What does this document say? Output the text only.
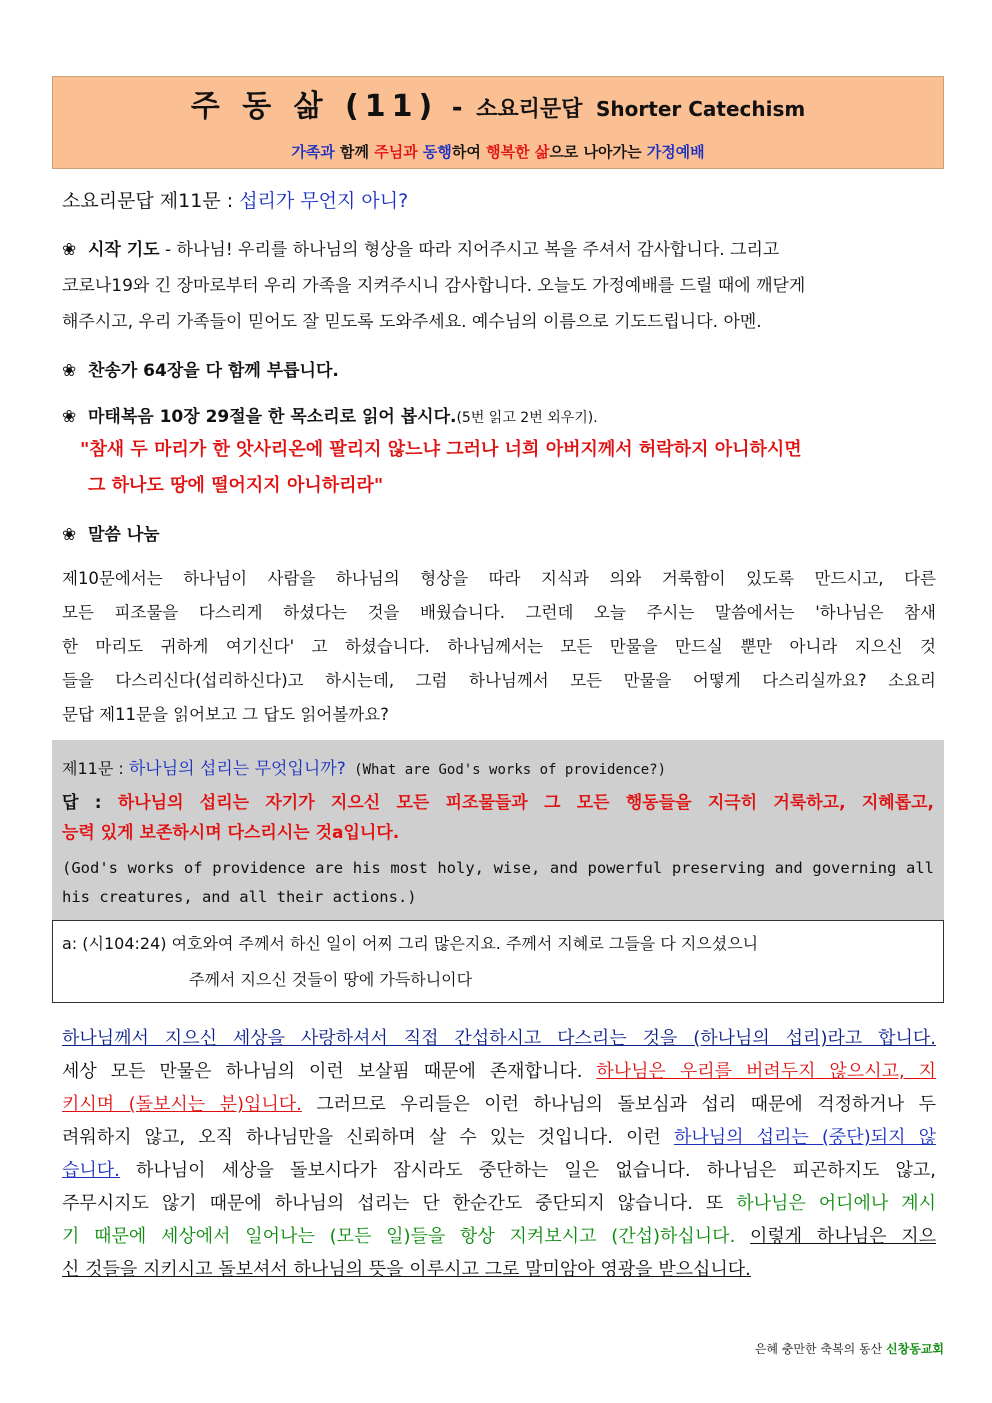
주 동 삶 (11) - 소요리문답 Shorter Catechism
가족과 함께 주님과 동행하여 행복한 삶으로 나아가는 가정예배
소요리문답 제11문 : 섭리가 무언지 아니?
❀ 시작 기도 - 하나님! 우리를 하나님의 형상을 따라 지어주시고 복을 주셔서 감사합니다. 그리고
코로나19와 긴 장마로부터 우리 가족을 지켜주시니 감사합니다. 오늘도 가정예배를 드릴 때에 깨닫게
해주시고, 우리 가족들이 믿어도 잘 믿도록 도와주세요. 예수님의 이름으로 기도드립니다. 아멘.
❀ 찬송가 64장을 다 함께 부릅니다.
❀ 마태복음 10장 29절을 한 목소리로 읽어 봅시다.(5번 읽고 2번 외우기).
"참새 두 마리가 한 앗사리온에 팔리지 않느냐 그러나 너희 아버지께서 허락하지 아니하시면
그 하나도 땅에 떨어지지 아니하리라"
❀ 말씀 나눔
제10문에서는 하나님이 사람을 하나님의 형상을 따라 지식과 의와 거룩함이 있도록 만드시고, 다른
모든 피조물을 다스리게 하셨다는 것을 배웠습니다. 그런데 오늘 주시는 말씀에서는 '하나님은 참새
한 마리도 귀하게 여기신다' 고 하셨습니다. 하나님께서는 모든 만물을 만드실 뿐만 아니라 지으신 것
들을 다스리신다(섭리하신다)고 하시는데, 그럼 하나님께서 모든 만물을 어떻게 다스리실까요? 소요리
문답 제11문을 읽어보고 그 답도 읽어볼까요?
제11문 : 하나님의 섭리는 무엇입니까? (What are God's works of providence?)
답 : 하나님의 섭리는 자기가 지으신 모든 피조물들과 그 모든 행동들을 지극히 거룩하고, 지혜롭고,
능력 있게 보존하시며 다스리시는 것a입니다.
(God's works of providence are his most holy, wise, and powerful preserving and governing all
his creatures, and all their actions.)
a: (시104:24) 여호와여 주께서 하신 일이 어찌 그리 많은지요. 주께서 지혜로 그들을 다 지으셨으니
주께서 지으신 것들이 땅에 가득하니이다
하나님께서 지으신 세상을 사랑하셔서 직접 간섭하시고 다스리는 것을 (하나님의 섭리)라고 합니다.
세상 모든 만물은 하나님의 이런 보살핌 때문에 존재합니다. 하나님은 우리를 버려두지 않으시고, 지
키시며 (돌보시는 분)입니다. 그러므로 우리들은 이런 하나님의 돌보심과 섭리 때문에 걱정하거나 두
려워하지 않고, 오직 하나님만을 신뢰하며 살 수 있는 것입니다. 이런 하나님의 섭리는 (중단)되지 않
습니다. 하나님이 세상을 돌보시다가 잠시라도 중단하는 일은 없습니다. 하나님은 피곤하지도 않고,
주무시지도 않기 때문에 하나님의 섭리는 단 한순간도 중단되지 않습니다. 또 하나님은 어디에나 계시
기 때문에 세상에서 일어나는 (모든 일)들을 항상 지켜보시고 (간섭)하십니다. 이렇게 하나님은 지으
신 것들을 지키시고 돌보셔서 하나님의 뜻을 이루시고 그로 말미암아 영광을 받으십니다.
은혜 충만한 축복의 동산 신창동교회
